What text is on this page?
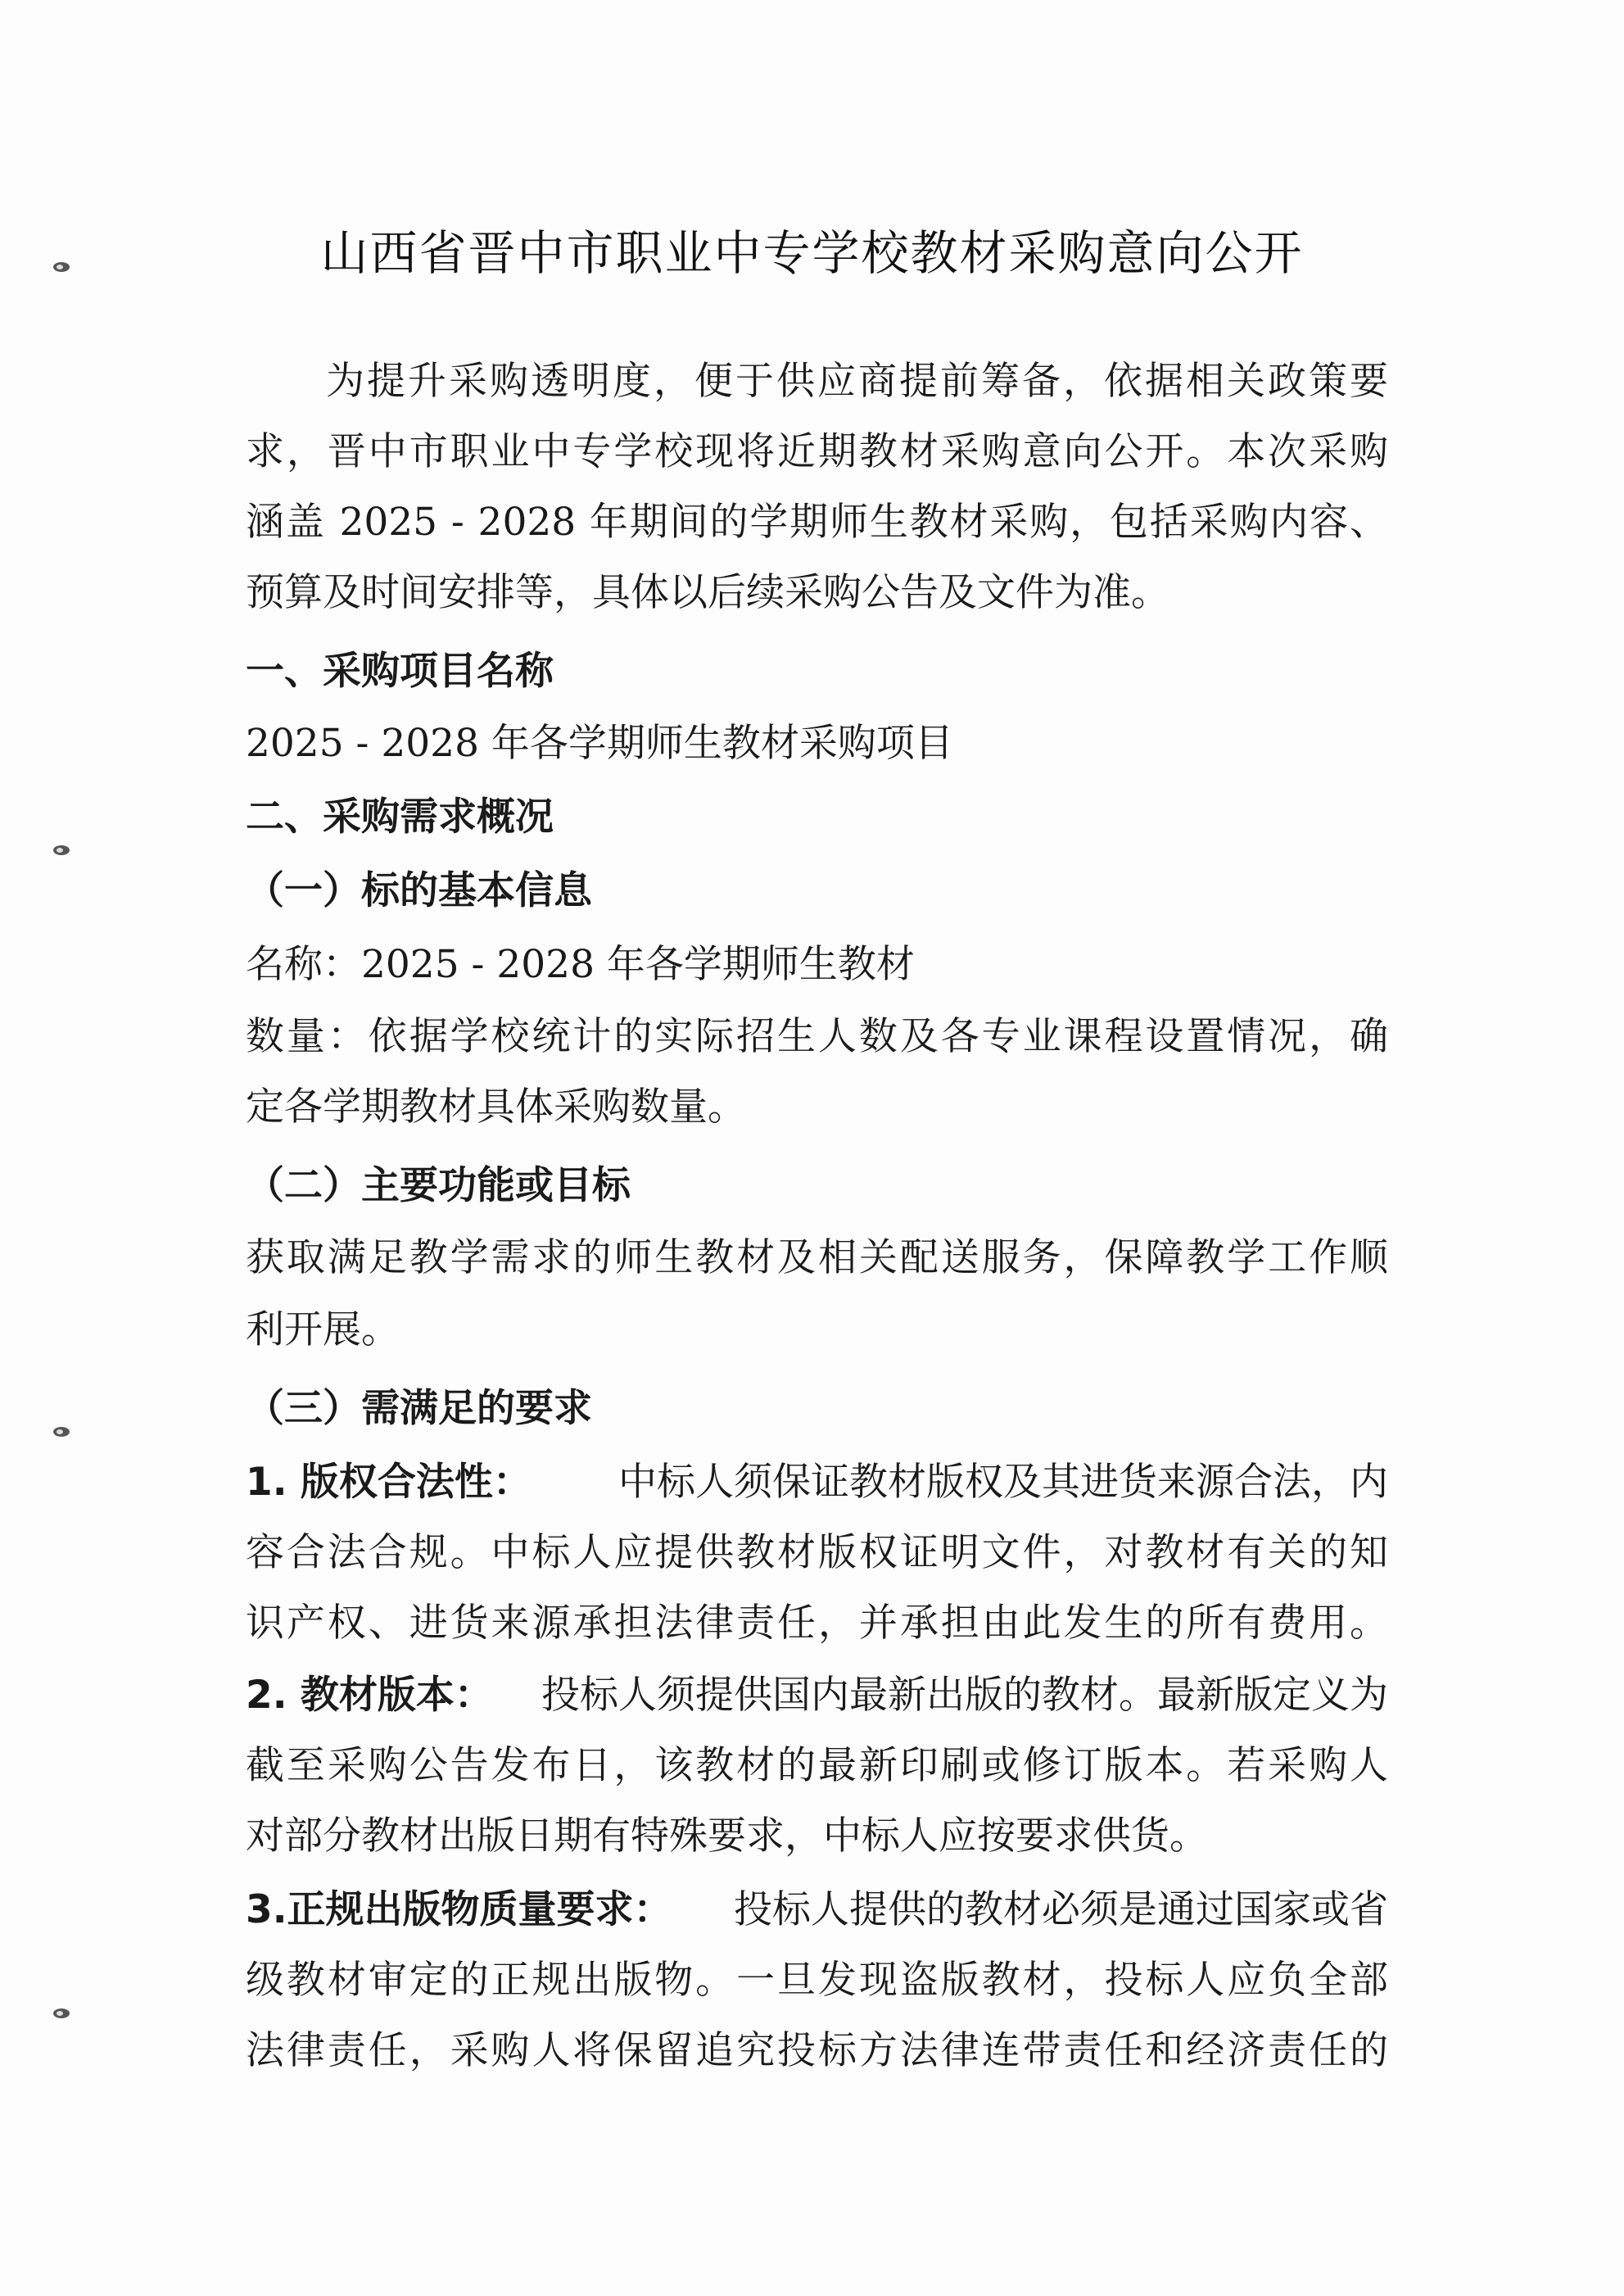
山西省晋中市职业中专学校教材采购意向公开
为提升采购透明度，便于供应商提前筹备，依据相关政策要
求，晋中市职业中专学校现将近期教材采购意向公开。本次采购
涵盖 2025 - 2028 年期间的学期师生教材采购，包括采购内容、
预算及时间安排等，具体以后续采购公告及文件为准。
一、采购项目名称
2025 - 2028 年各学期师生教材采购项目
二、采购需求概况
（一）标的基本信息
名称：2025 - 2028 年各学期师生教材
数量：依据学校统计的实际招生人数及各专业课程设置情况，确
定各学期教材具体采购数量。
（二）主要功能或目标
获取满足教学需求的师生教材及相关配送服务，保障教学工作顺
利开展。
（三）需满足的要求
1. 版权合法性： 中标人须保证教材版权及其进货来源合法，内
容合法合规。中标人应提供教材版权证明文件，对教材有关的知
识产权、进货来源承担法律责任，并承担由此发生的所有费用。
2. 教材版本： 投标人须提供国内最新出版的教材。最新版定义为
截至采购公告发布日，该教材的最新印刷或修订版本。若采购人
对部分教材出版日期有特殊要求，中标人应按要求供货。
3.正规出版物质量要求： 投标人提供的教材必须是通过国家或省
级教材审定的正规出版物。一旦发现盗版教材，投标人应负全部
法律责任，采购人将保留追究投标方法律连带责任和经济责任的
